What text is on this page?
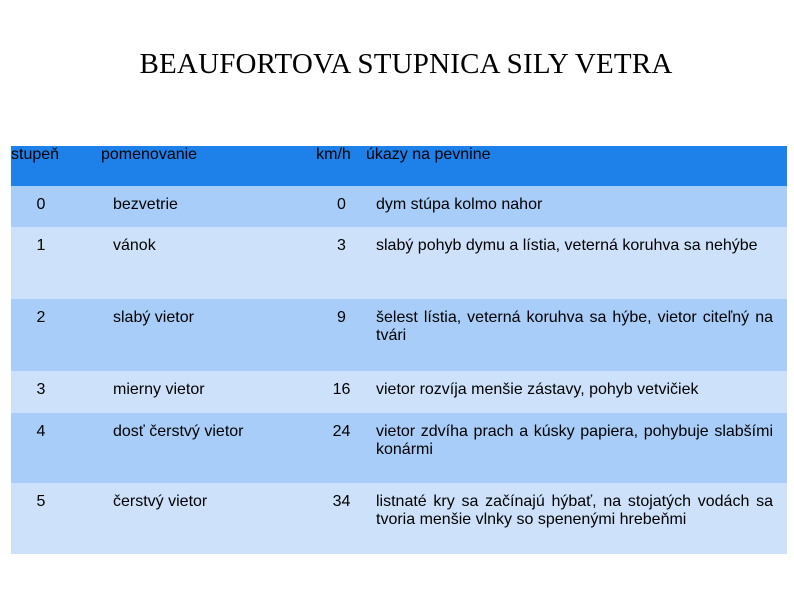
BEAUFORTOVA STUPNICA SILY VETRA
stupeň	pomenovanie	km/h	úkazy na pevnine

0	bezvetrie	0	dym stúpa kolmo nahor

1	vánok	3	slabý pohyb dymu a lístia, veterná koruhva sa nehýbe

2	slabý vietor	9	šelest lístia, veterná koruhva sa hýbe, vietor citeľný na tvári

3	mierny vietor	16	vietor rozvíja menšie zástavy, pohyb vetvičiek

4	dosť čerstvý vietor	24	vietor zdvíha prach a kúsky papiera, pohybuje slabšími konármi

5	čerstvý vietor	34	listnaté kry sa začínajú hýbať, na stojatých vodách sa tvoria menšie vlnky so spenenými hrebeňmi
